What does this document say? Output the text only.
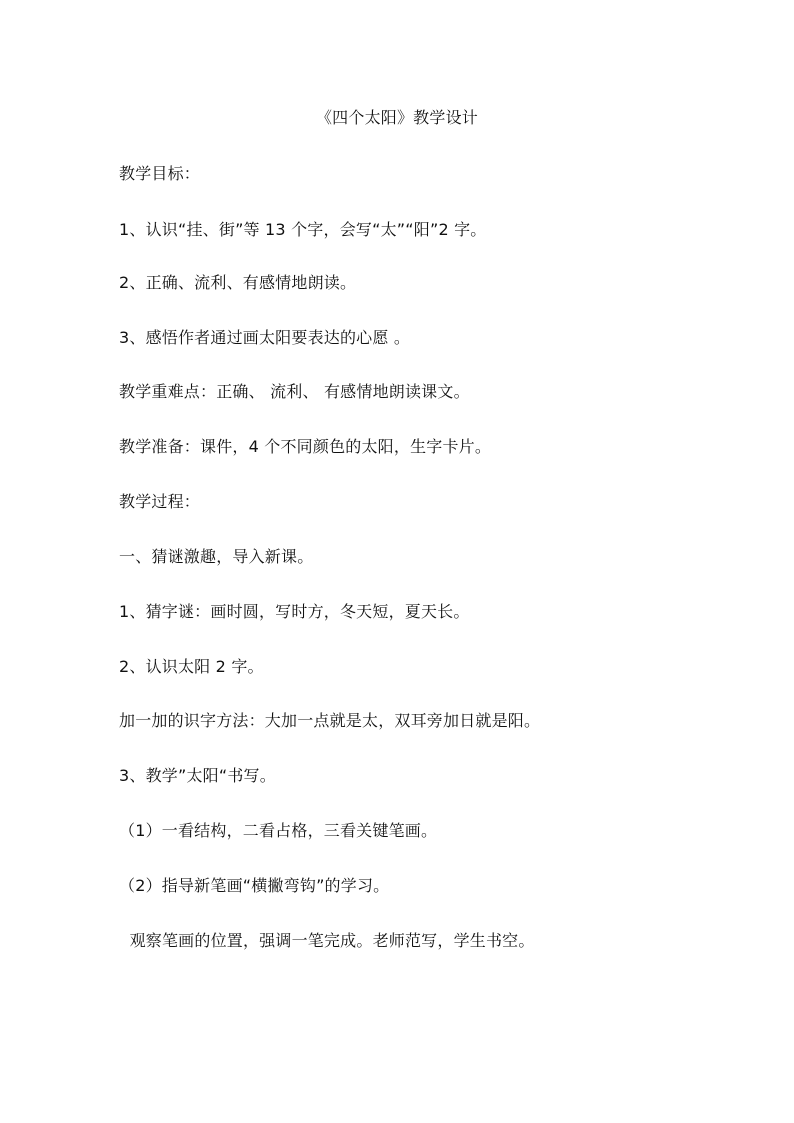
《四个太阳》教学设计
教学目标：
1、认识“挂、街”等 13 个字，会写“太”“阳”2 字。
2、正确、流利、有感情地朗读。
3、感悟作者通过画太阳要表达的心愿 。
教学重难点：正确、 流利、 有感情地朗读课文。
教学准备：课件，4 个不同颜色的太阳，生字卡片。
教学过程：
一、猜谜激趣，导入新课。
1、猜字谜：画时圆，写时方，冬天短，夏天长。
2、认识太阳 2 字。
加一加的识字方法：大加一点就是太，双耳旁加日就是阳。
3、教学”太阳“书写。
（1）一看结构，二看占格，三看关键笔画。
（2）指导新笔画“横撇弯钩”的学习。
观察笔画的位置，强调一笔完成。老师范写，学生书空。
